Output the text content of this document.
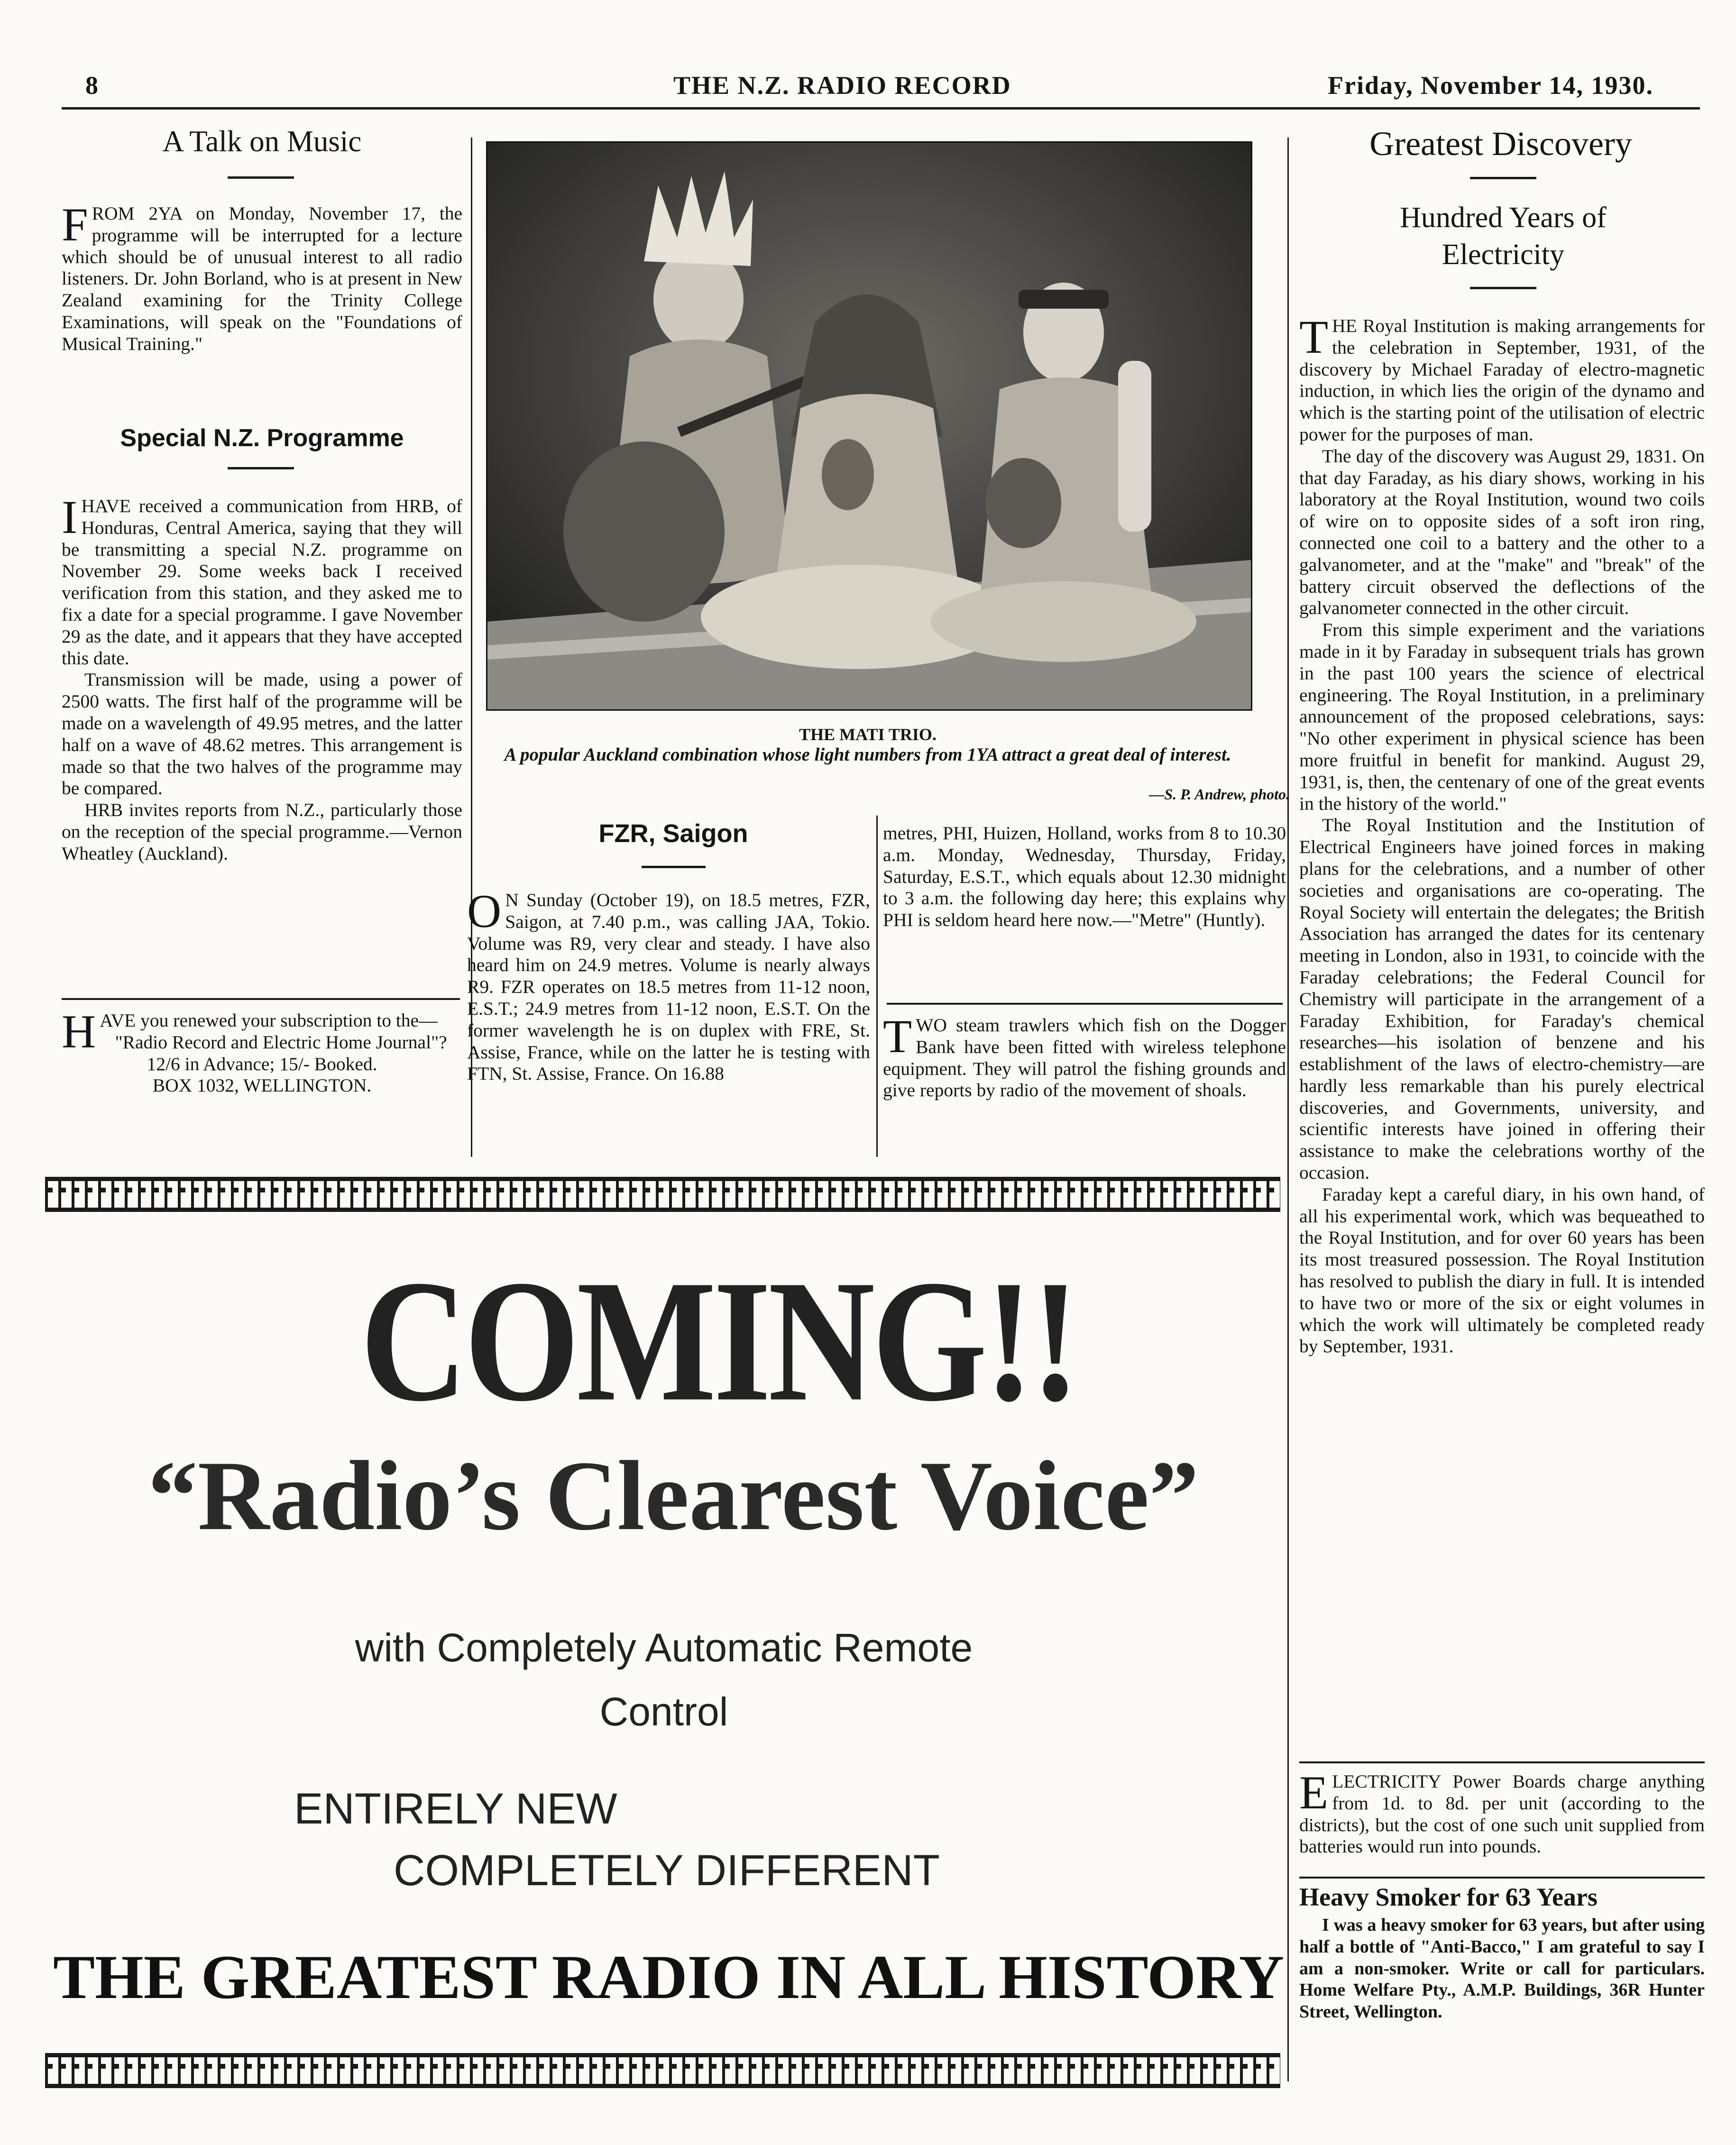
8	THE N.Z. RADIO RECORD	Friday, November 14, 1930.
A Talk on Music

FROM 2YA on Monday, November 17, the programme will be interrupted for a lecture which should be of unusual interest to all radio listeners. Dr. John Borland, who is at present in New Zealand examining for the Trinity College Examinations, will speak on the "Foundations of Musical Training."

Special N.Z. Programme

IHAVE received a communication from HRB, of Honduras, Central America, saying that they will be transmitting a special N.Z. programme on November 29. Some weeks back I received verification from this station, and they asked me to fix a date for a special programme. I gave November 29 as the date, and it appears that they have accepted this date.

Transmission will be made, using a power of 2500 watts. The first half of the programme will be made on a wavelength of 49.95 metres, and the latter half on a wave of 48.62 metres. This arrangement is made so that the two halves of the programme may be compared.

HRB invites reports from N.Z., particularly those on the reception of the special programme.—Vernon Wheatley (Auckland).

HAVE you renewed your subscription to the—

"Radio Record and Electric Home Journal"?
12/6 in Advance; 15/- Booked.
BOX 1032, WELLINGTON.
THE MATI TRIO.
A popular Auckland combination whose light numbers from 1YA attract a great deal of interest.
—S. P. Andrew, photo.
FZR, Saigon

O N Sunday (October 19), on 18.5 metres, FZR, Saigon, at 7.40 p.m., was calling JAA, Tokio. Volume was R9, very clear and steady. I have also heard him on 24.9 metres. Volume is nearly always R9. FZR operates on 18.5 metres from 11-12 noon, E.S.T.; 24.9 metres from 11-12 noon, E.S.T. On the former wavelength he is on duplex with FRE, St. Assise, France, while on the latter he is testing with FTN, St. Assise, France. On 16.88

metres, PHI, Huizen, Holland, works from 8 to 10.30 a.m. Monday, Wednesday, Thursday, Friday, Saturday, E.S.T., which equals about 12.30 midnight to 3 a.m. the following day here; this explains why PHI is seldom heard here now.—"Metre" (Huntly).

TWO steam trawlers which fish on the Dogger Bank have been fitted with wireless telephone equipment. They will patrol the fishing grounds and give reports by radio of the movement of shoals.

Greatest Discovery
Hundred Years of Electricity

THE Royal Institution is making arrangements for the celebration in September, 1931, of the discovery by Michael Faraday of electro-magnetic induction, in which lies the origin of the dynamo and which is the starting point of the utilisation of electric power for the purposes of man.

The day of the discovery was August 29, 1831. On that day Faraday, as his diary shows, working in his laboratory at the Royal Institution, wound two coils of wire on to opposite sides of a soft iron ring, connected one coil to a battery and the other to a galvanometer, and at the "make" and "break" of the battery circuit observed the deflections of the galvanometer connected in the other circuit.

From this simple experiment and the variations made in it by Faraday in subsequent trials has grown in the past 100 years the science of electrical engineering. The Royal Institution, in a preliminary announcement of the proposed celebrations, says: "No other experiment in physical science has been more fruitful in benefit for mankind. August 29, 1931, is, then, the centenary of one of the great events in the history of the world."

The Royal Institution and the Institution of Electrical Engineers have joined forces in making plans for the celebrations, and a number of other societies and organisations are co-operating. The Royal Society will entertain the delegates; the British Association has arranged the dates for its centenary meeting in London, also in 1931, to coincide with the Faraday celebrations; the Federal Council for Chemistry will participate in the arrangement of a Faraday Exhibition, for Faraday's chemical researches—his isolation of benzene and his establishment of the laws of electro-chemistry—are hardly less remarkable than his purely electrical discoveries, and Governments, university, and scientific interests have joined in offering their assistance to make the celebrations worthy of the occasion.

Faraday kept a careful diary, in his own hand, of all his experimental work, which was bequeathed to the Royal Institution, and for over 60 years has been its most treasured possession. The Royal Institution has resolved to publish the diary in full. It is intended to have two or more of the six or eight volumes in which the work will ultimately be completed ready by September, 1931.

ELECTRICITY Power Boards charge anything from 1d. to 8d. per unit (according to the districts), but the cost of one such unit supplied from batteries would run into pounds.

Heavy Smoker for 63 Years

I was a heavy smoker for 63 years, but after using half a bottle of "Anti-Bacco," I am grateful to say I am a non-smoker. Write or call for particulars. Home Welfare Pty., A.M.P. Buildings, 36R Hunter Street, Wellington.

COMING!!
“Radio’s Clearest Voice”
with Completely Automatic Remote
Control
ENTIRELY NEW
COMPLETELY DIFFERENT
THE GREATEST RADIO IN ALL HISTORY
